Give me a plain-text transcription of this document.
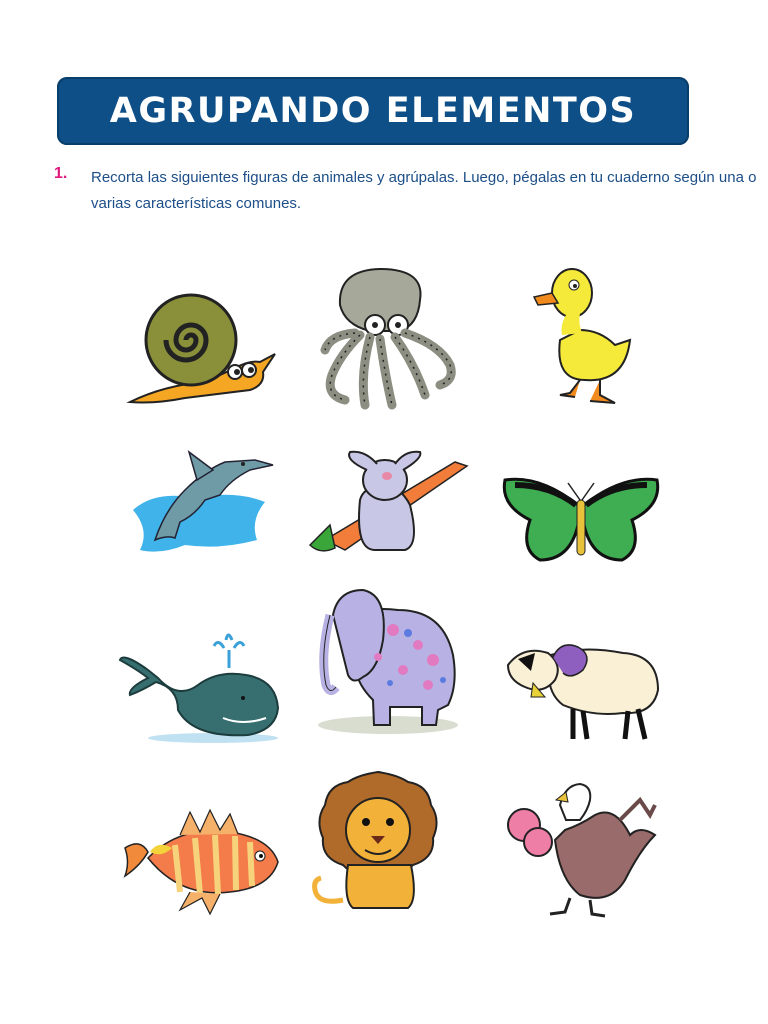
AGRUPANDO ELEMENTOS
1. Recorta las siguientes figuras de animales y agrúpalas. Luego, pégalas en tu cuaderno según una o varias características comunes.
